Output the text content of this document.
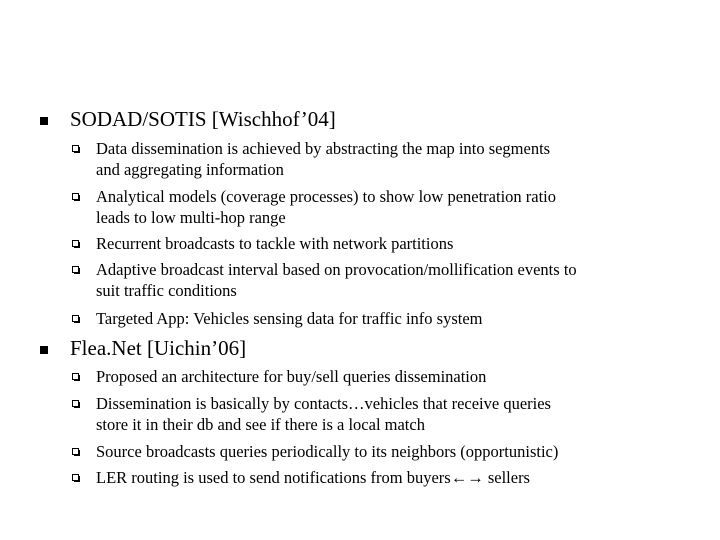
SODAD/SOTIS [Wischhof’04]
Data dissemination is achieved by abstracting the map into segments
and aggregating information
Analytical models (coverage processes) to show low penetration ratio
leads to low multi-hop range
Recurrent broadcasts to tackle with network partitions
Adaptive broadcast interval based on provocation/mollification events to
suit traffic conditions
Targeted App: Vehicles sensing data for traffic info system
Flea.Net [Uichin’06]
Proposed an architecture for buy/sell queries dissemination
Dissemination is basically by contacts…vehicles that receive queries
store it in their db and see if there is a local match
Source broadcasts queries periodically to its neighbors (opportunistic)
LER routing is used to send notifications from buyers←→ sellers
